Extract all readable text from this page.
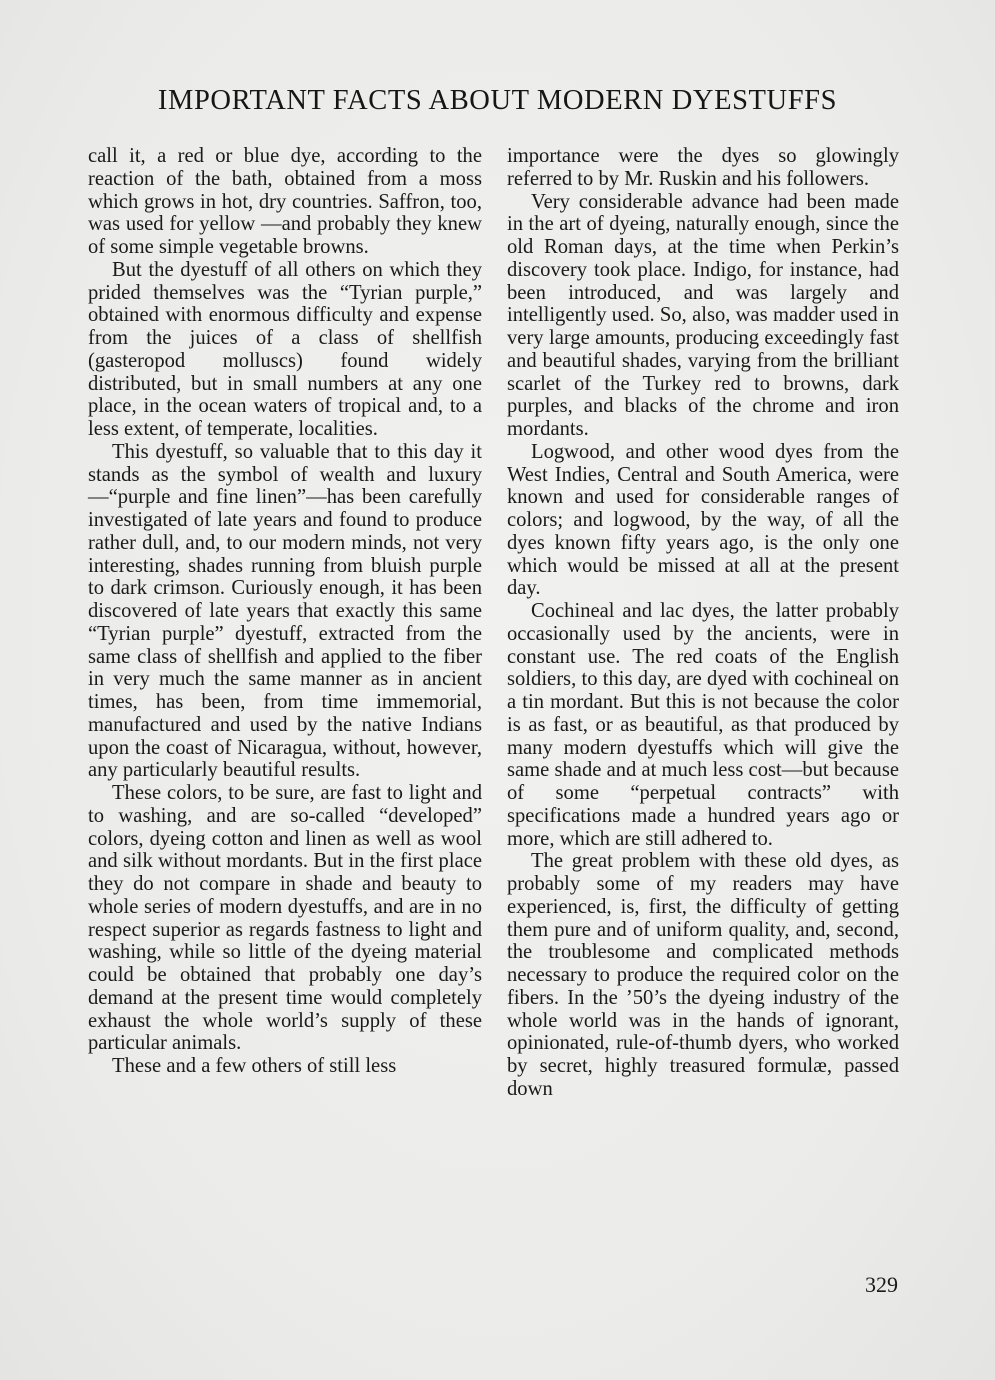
IMPORTANT FACTS ABOUT MODERN DYESTUFFS

call it, a red or blue dye, according to the reaction of the bath, obtained from a moss which grows in hot, dry countries. Saffron, too, was used for yellow —and probably they knew of some simple vegetable browns.

But the dyestuff of all others on which they prided themselves was the “Tyrian purple,” obtained with enormous difficulty and expense from the juices of a class of shellfish (gasteropod molluscs) found widely distributed, but in small numbers at any one place, in the ocean waters of tropical and, to a less extent, of temperate, localities.

This dyestuff, so valuable that to this day it stands as the symbol of wealth and luxury—“purple and fine linen”—has been carefully investigated of late years and found to produce rather dull, and, to our modern minds, not very interesting, shades running from bluish purple to dark crimson. Curiously enough, it has been discovered of late years that exactly this same “Tyrian purple” dyestuff, extracted from the same class of shellfish and applied to the fiber in very much the same manner as in ancient times, has been, from time immemorial, manufactured and used by the native Indians upon the coast of Nicaragua, without, however, any particularly beautiful results.

These colors, to be sure, are fast to light and to washing, and are so-called “developed” colors, dyeing cotton and linen as well as wool and silk without mordants. But in the first place they do not compare in shade and beauty to whole series of modern dyestuffs, and are in no respect superior as regards fastness to light and washing, while so little of the dyeing material could be obtained that probably one day’s demand at the present time would completely exhaust the whole world’s supply of these particular animals.

These and a few others of still less

importance were the dyes so glowingly referred to by Mr. Ruskin and his followers.

Very considerable advance had been made in the art of dyeing, naturally enough, since the old Roman days, at the time when Perkin’s discovery took place. Indigo, for instance, had been introduced, and was largely and intelligently used. So, also, was madder used in very large amounts, producing exceedingly fast and beautiful shades, varying from the brilliant scarlet of the Turkey red to browns, dark purples, and blacks of the chrome and iron mordants.

Logwood, and other wood dyes from the West Indies, Central and South America, were known and used for considerable ranges of colors; and logwood, by the way, of all the dyes known fifty years ago, is the only one which would be missed at all at the present day.

Cochineal and lac dyes, the latter probably occasionally used by the ancients, were in constant use. The red coats of the English soldiers, to this day, are dyed with cochineal on a tin mordant. But this is not because the color is as fast, or as beautiful, as that produced by many modern dyestuffs which will give the same shade and at much less cost—but because of some “perpetual contracts” with specifications made a hundred years ago or more, which are still adhered to.

The great problem with these old dyes, as probably some of my readers may have experienced, is, first, the difficulty of getting them pure and of uniform quality, and, second, the troublesome and complicated methods necessary to produce the required color on the fibers. In the ’50’s the dyeing industry of the whole world was in the hands of ignorant, opinionated, rule-of-thumb dyers, who worked by secret, highly treasured formulæ, passed down

329
